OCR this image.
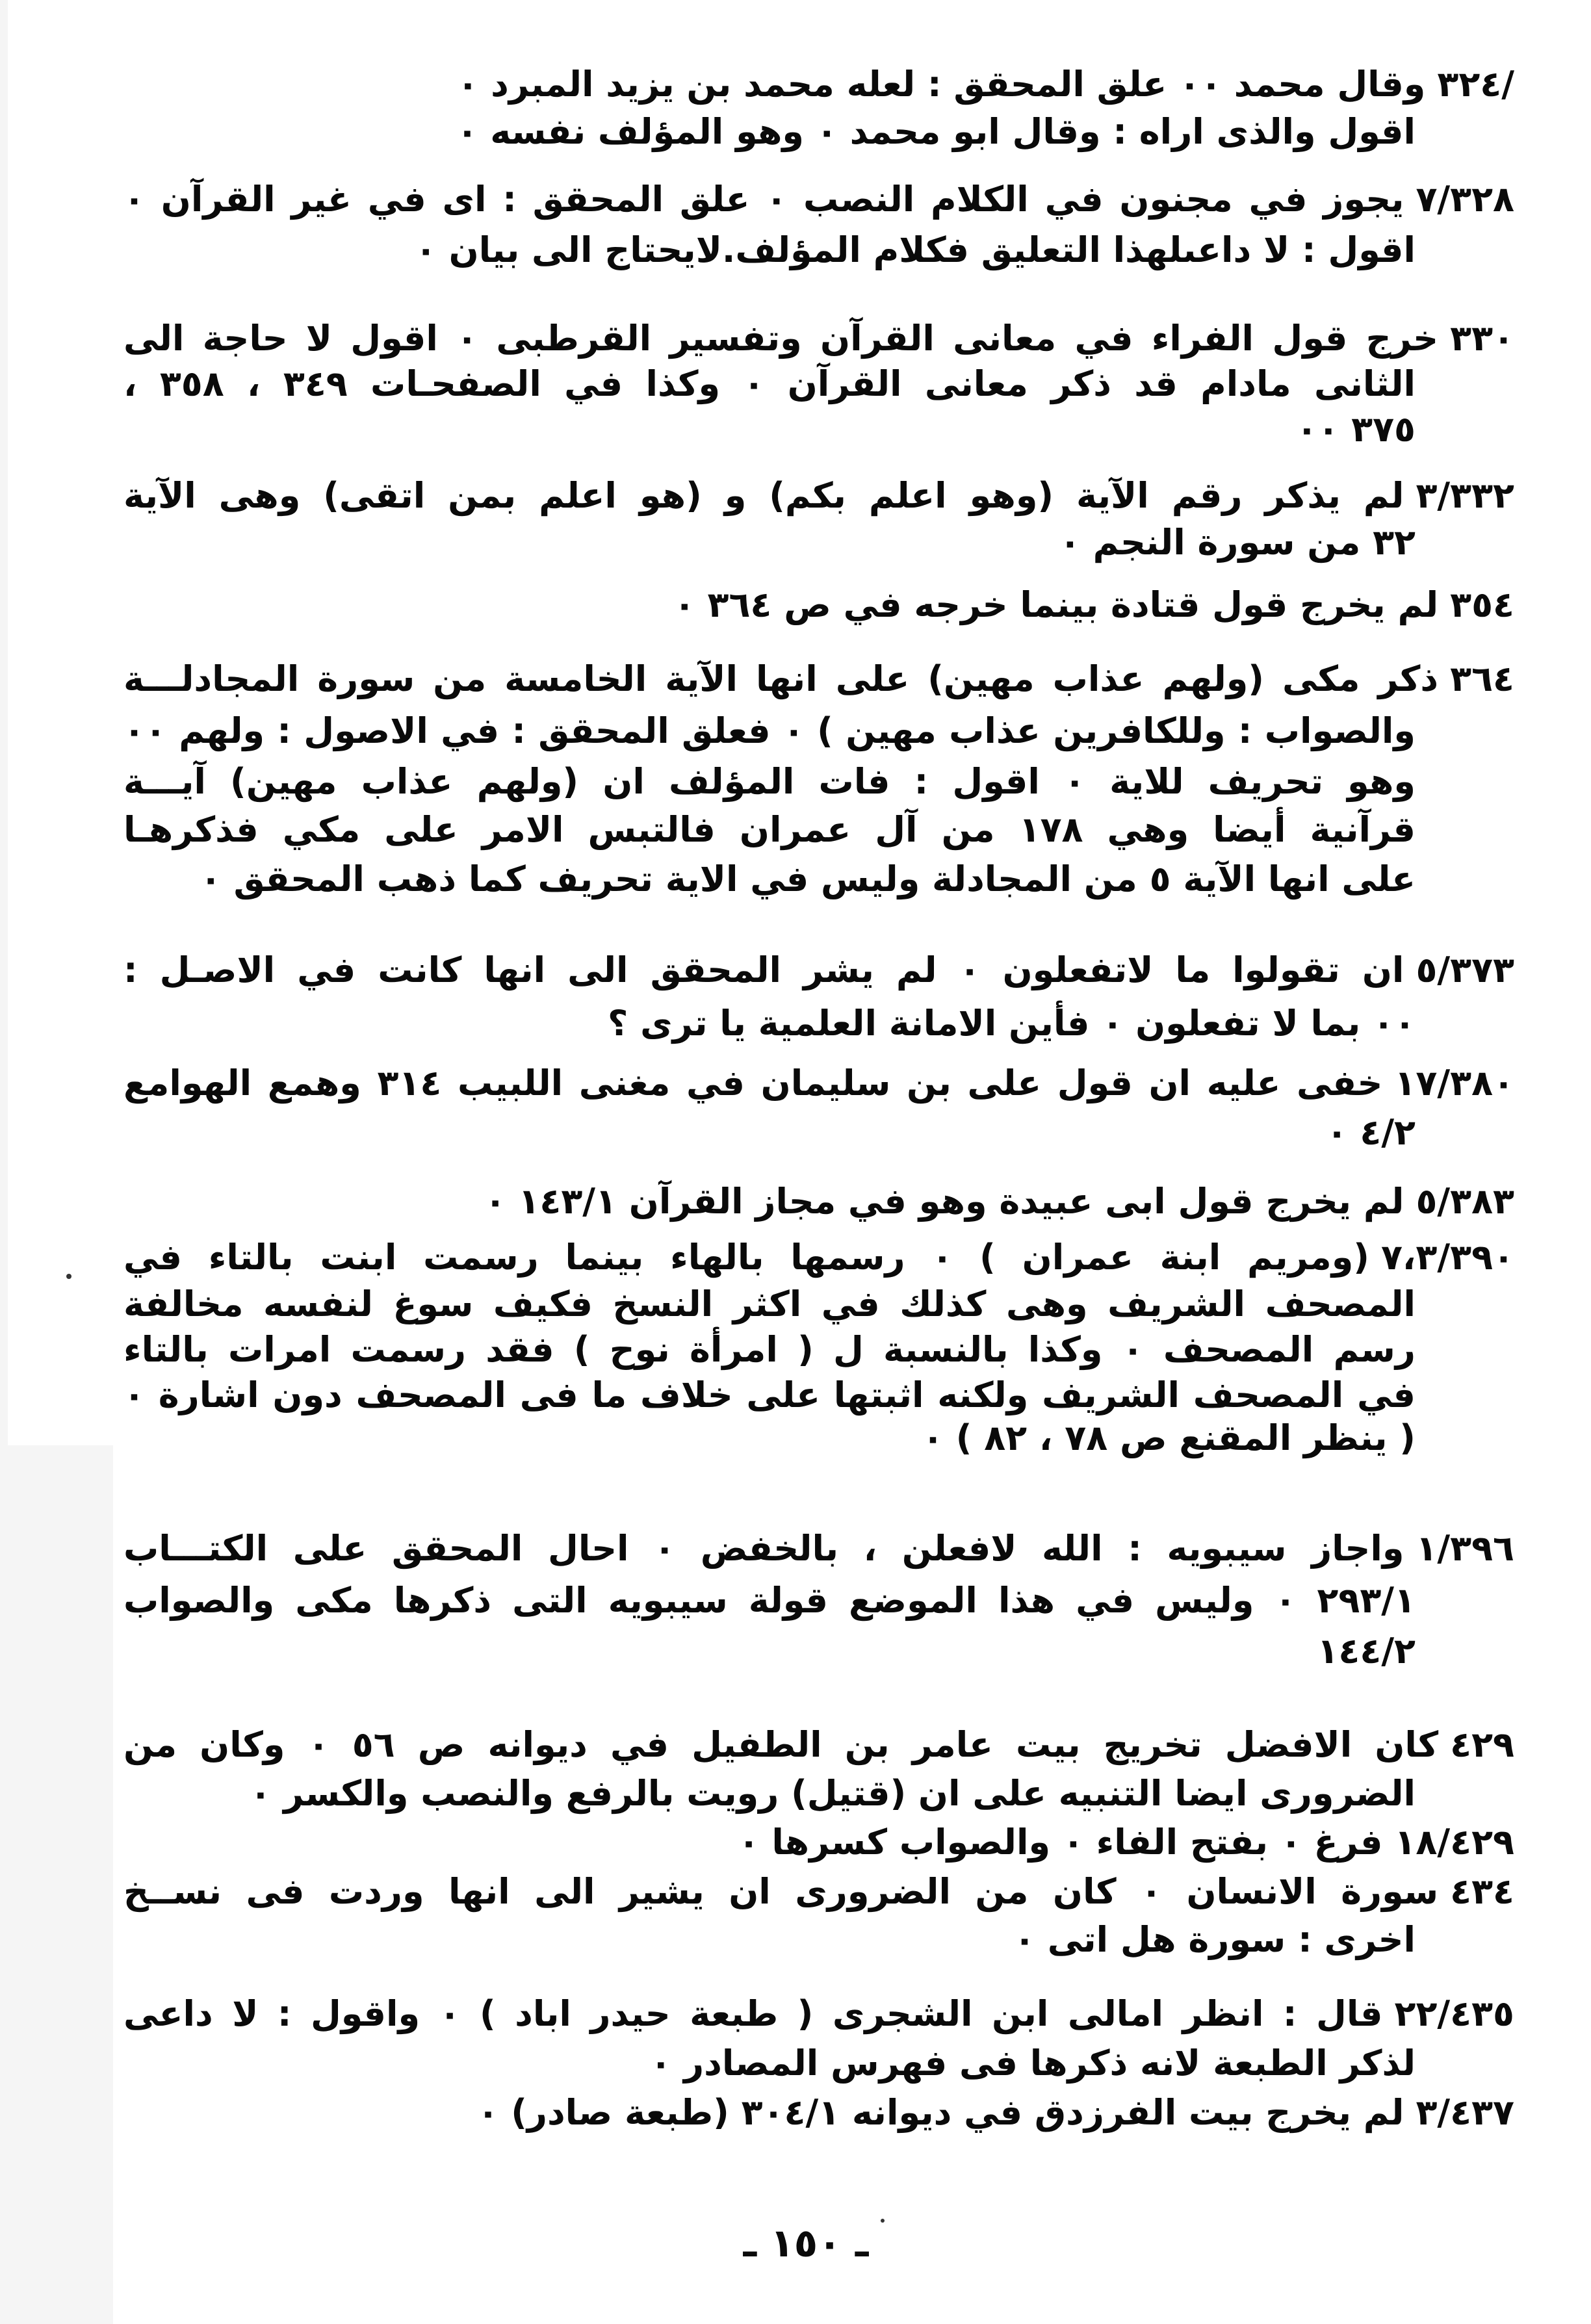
/٣٢٤وقال محمد ٠٠ علق المحقق : لعله محمد بن يزيد المبرد ٠
اقول والذى اراه : وقال ابو محمد ٠ وهو المؤلف نفسه ٠
٧/٣٢٨يجوز في مجنون في الكلام النصب ٠ علق المحقق : اى في غير القرآن ٠
اقول : لا داعىلهذا التعليق فكلام المؤلف.لايحتاج الى بيان ٠
٣٣٠خرج قول الفراء في معانى القرآن وتفسير القرطبى ٠ اقول لا حاجة الى
الثانى مادام قد ذكر معانى القرآن ٠ وكذا في الصفحـات ٣٤٩ ، ٣٥٨ ،
٣٧٥ ٠٠
٣/٣٣٢لم يذكر رقم الآية (وهو اعلم بكم) و (هو اعلم بمن اتقى) وهى الآية
٣٢ من سورة النجم ٠
٣٥٤لم يخرج قول قتادة بينما خرجه في ص ٣٦٤ ٠
٣٦٤ذكر مكى (ولهم عذاب مهين) على انها الآية الخامسة من سورة المجادلـــة
والصواب : وللكافرين عذاب مهين ) ٠ فعلق المحقق : في الاصول : ولهم ٠٠
وهو تحريف للاية ٠ اقول : فات المؤلف ان (ولهم عذاب مهين) آيـــة
قرآنية أيضا وهي ١٧٨ من آل عمران فالتبس الامر على مكي فذكرهـا
على انها الآية ٥ من المجادلة وليس في الاية تحريف كما ذهب المحقق ٠
٥/٣٧٣ان تقولوا ما لاتفعلون ٠ لم يشر المحقق الى انها كانت في الاصـل :
٠٠ بما لا تفعلون ٠ فأين الامانة العلمية يا ترى ؟
١٧/٣٨٠خفى عليه ان قول على بن سليمان في مغنى اللبيب ٣١٤ وهمع الهوامع
٤/٢ ٠
٥/٣٨٣لم يخرج قول ابى عبيدة وهو في مجاز القرآن ١٤٣/١ ٠
٧،٣/٣٩٠(ومريم ابنة عمران ) ٠ رسمها بالهاء بينما رسمت ابنت بالتاء في
المصحف الشريف وهى كذلك في اكثر النسخ فكيف سوغ لنفسه مخالفة
رسم المصحف ٠ وكذا بالنسبة ل ( امرأة نوح ) فقد رسمت امرات بالتاء
في المصحف الشريف ولكنه اثبتها على خلاف ما فى المصحف دون اشارة ٠
( ينظر المقنع ص ٧٨ ، ٨٢ ) ٠
١/٣٩٦واجاز سيبويه : الله لافعلن ، بالخفض ٠ احال المحقق على الكتـــاب
٢٩٣/١ ٠ وليس في هذا الموضع قولة سيبويه التى ذكرها مكى والصواب
١٤٤/٢
٤٢٩كان الافضل تخريج بيت عامر بن الطفيل في ديوانه ص ٥٦ ٠ وكان من
الضرورى ايضا التنبيه على ان (قتيل) رويت بالرفع والنصب والكسر ٠
١٨/٤٢٩فرغ ٠ بفتح الفاء ٠ والصواب كسرها ٠
٤٣٤سورة الانسان ٠ كان من الضرورى ان يشير الى انها وردت فى نســخ
اخرى : سورة هل اتى ٠
٢٢/٤٣٥قال : انظر امالى ابن الشجرى ( طبعة حيدر اباد ) ٠ واقول : لا داعى
لذكر الطبعة لانه ذكرها فى فهرس المصادر ٠
٣/٤٣٧لم يخرج بيت الفرزدق في ديوانه ٣٠٤/١ (طبعة صادر) ٠
ـ ١٥٠ ـ
